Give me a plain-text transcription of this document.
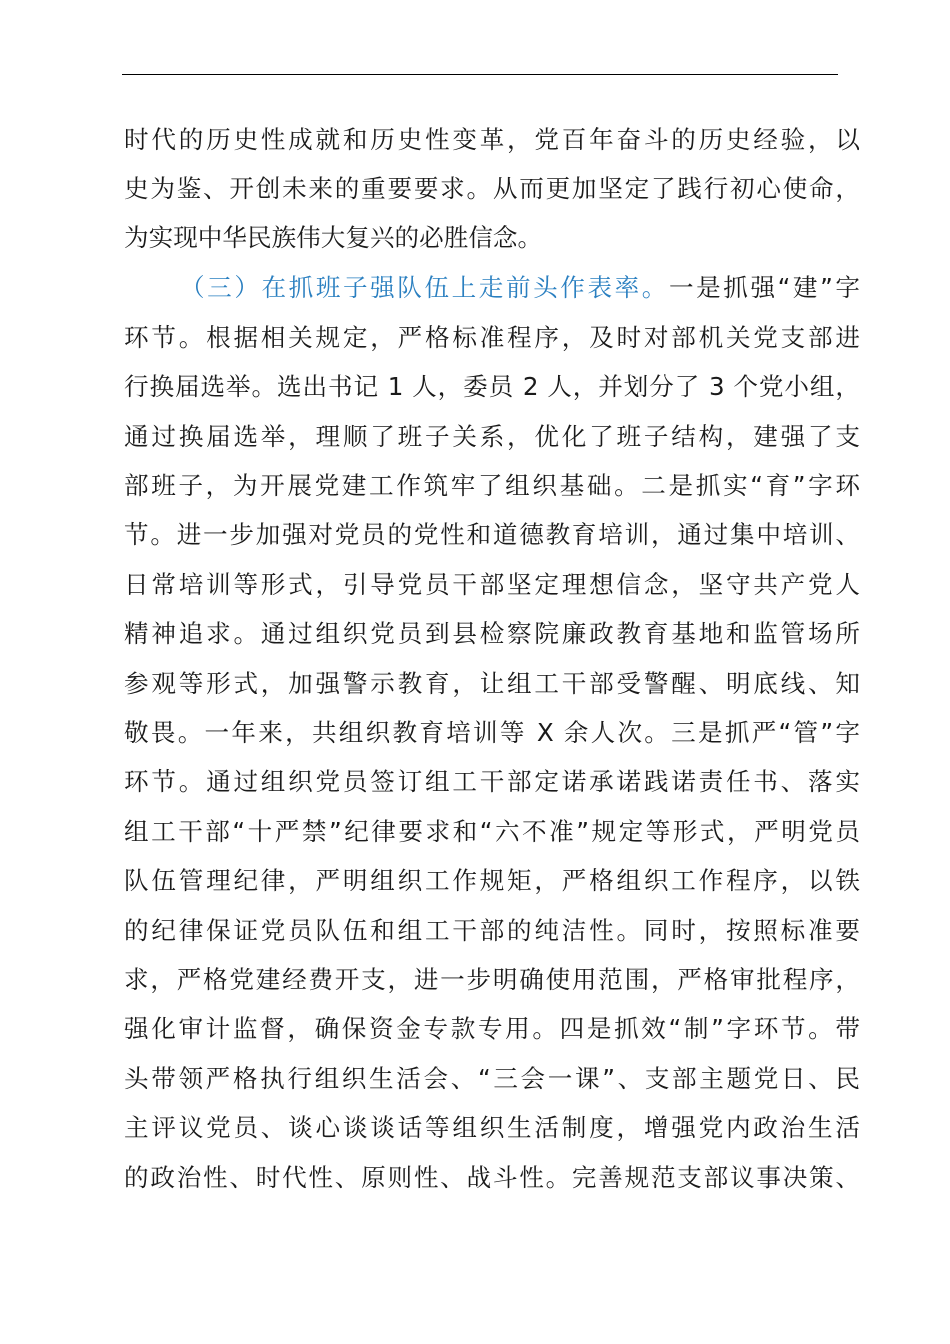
时代的历史性成就和历史性变革，党百年奋斗的历史经验，以
史为鉴、开创未来的重要要求。从而更加坚定了践行初心使命，
为实现中华民族伟大复兴的必胜信念。
（三）在抓班子强队伍上走前头作表率。一是抓强“建”字
环节。根据相关规定，严格标准程序，及时对部机关党支部进
行换届选举。选出书记 1 人，委员 2 人，并划分了 3 个党小组，
通过换届选举，理顺了班子关系，优化了班子结构，建强了支
部班子，为开展党建工作筑牢了组织基础。二是抓实“育”字环
节。进一步加强对党员的党性和道德教育培训，通过集中培训、
日常培训等形式，引导党员干部坚定理想信念，坚守共产党人
精神追求。通过组织党员到县检察院廉政教育基地和监管场所
参观等形式，加强警示教育，让组工干部受警醒、明底线、知
敬畏。一年来，共组织教育培训等 X 余人次。三是抓严“管”字
环节。通过组织党员签订组工干部定诺承诺践诺责任书、落实
组工干部“十严禁”纪律要求和“六不准”规定等形式，严明党员
队伍管理纪律，严明组织工作规矩，严格组织工作程序，以铁
的纪律保证党员队伍和组工干部的纯洁性。同时，按照标准要
求，严格党建经费开支，进一步明确使用范围，严格审批程序，
强化审计监督，确保资金专款专用。四是抓效“制”字环节。带
头带领严格执行组织生活会、“三会一课”、支部主题党日、民
主评议党员、谈心谈谈话等组织生活制度，增强党内政治生活
的政治性、时代性、原则性、战斗性。完善规范支部议事决策、
